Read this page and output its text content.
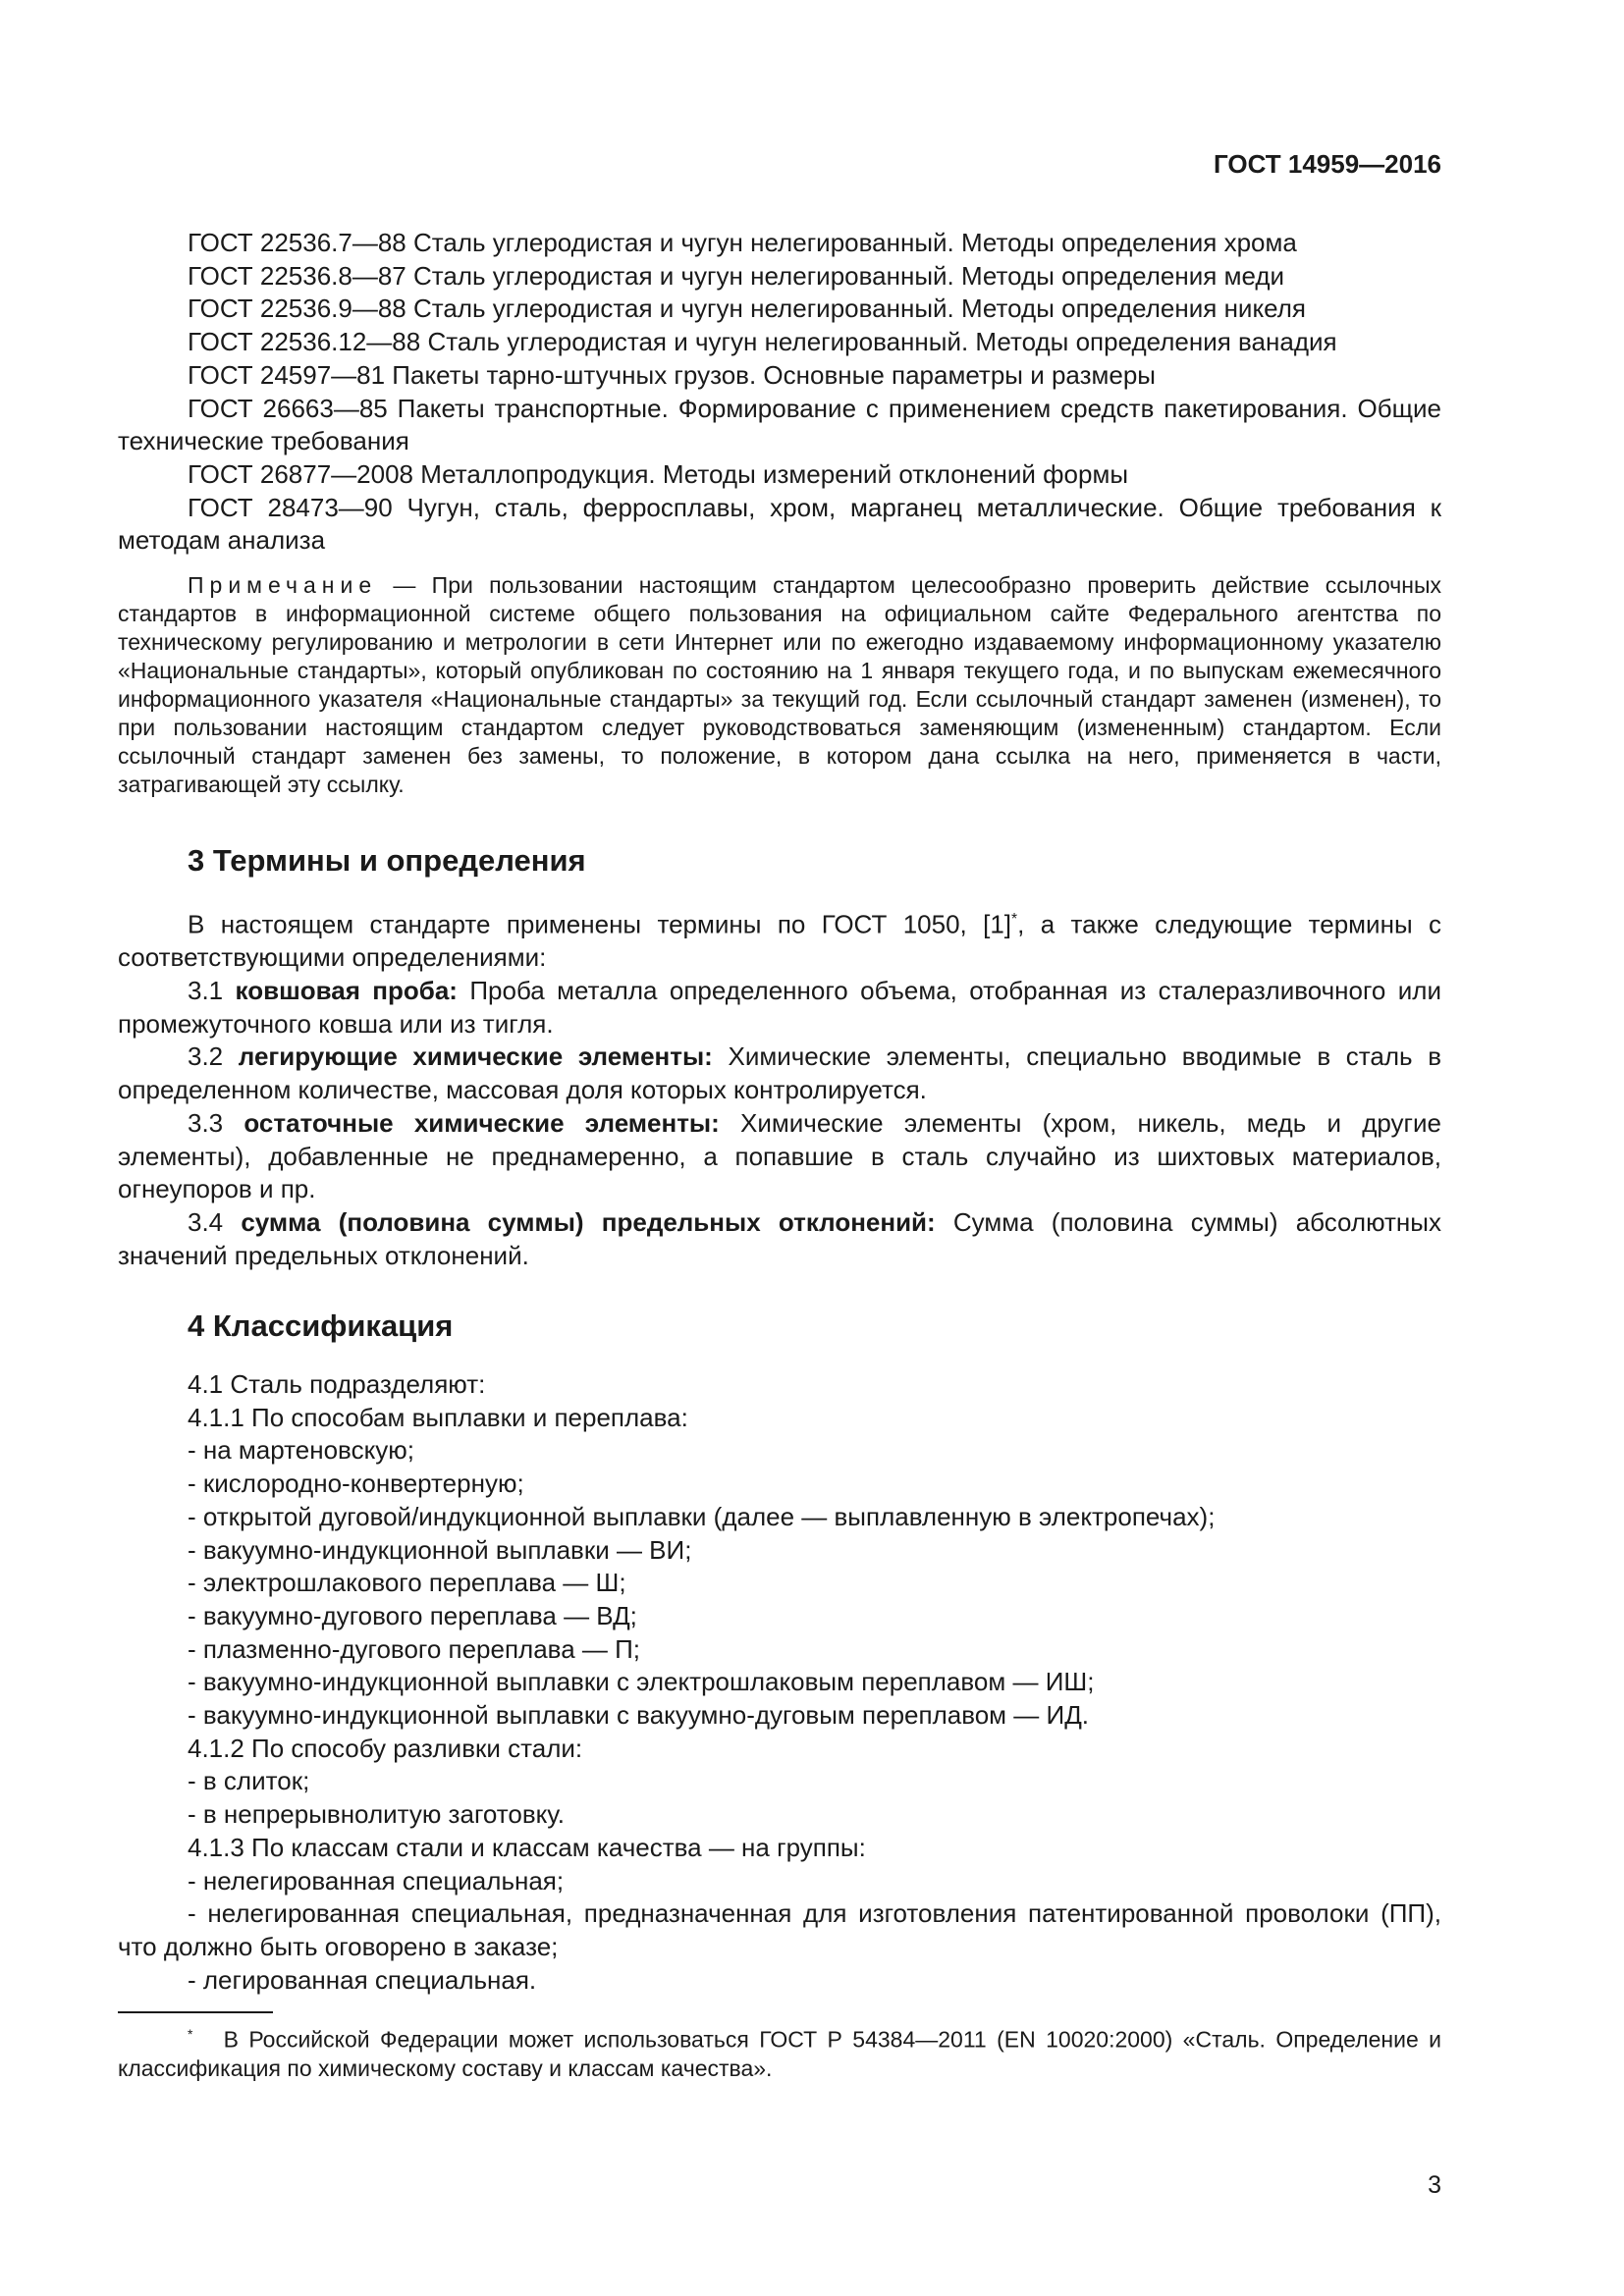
ГОСТ 14959—2016

ГОСТ 22536.7—88 Сталь углеродистая и чугун нелегированный. Методы определения хрома

ГОСТ 22536.8—87 Сталь углеродистая и чугун нелегированный. Методы определения меди

ГОСТ 22536.9—88 Сталь углеродистая и чугун нелегированный. Методы определения никеля

ГОСТ 22536.12—88 Сталь углеродистая и чугун нелегированный. Методы определения ванадия

ГОСТ 24597—81 Пакеты тарно-штучных грузов. Основные параметры и размеры

ГОСТ 26663—85 Пакеты транспортные. Формирование с применением средств пакетирования. Общие технические требования

ГОСТ 26877—2008 Металлопродукция. Методы измерений отклонений формы

ГОСТ 28473—90 Чугун, сталь, ферросплавы, хром, марганец металлические. Общие требования к методам анализа

Примечание — При пользовании настоящим стандартом целесообразно проверить действие ссылочных стандартов в информационной системе общего пользования на официальном сайте Федерального агентства по техническому регулированию и метрологии в сети Интернет или по ежегодно издаваемому информационному указателю «Национальные стандарты», который опубликован по состоянию на 1 января текущего года, и по выпускам ежемесячного информационного указателя «Национальные стандарты» за текущий год. Если ссылочный стандарт заменен (изменен), то при пользовании настоящим стандартом следует руководствоваться заменяющим (измененным) стандартом. Если ссылочный стандарт заменен без замены, то положение, в котором дана ссылка на него, применяется в части, затрагивающей эту ссылку.

3 Термины и определения

В настоящем стандарте применены термины по ГОСТ 1050, [1]*, а также следующие термины с соответствующими определениями:

3.1 ковшовая проба: Проба металла определенного объема, отобранная из сталеразливочного или промежуточного ковша или из тигля.

3.2 легирующие химические элементы: Химические элементы, специально вводимые в сталь в определенном количестве, массовая доля которых контролируется.

3.3 остаточные химические элементы: Химические элементы (хром, никель, медь и другие элементы), добавленные не преднамеренно, а попавшие в сталь случайно из шихтовых материалов, огнеупоров и пр.

3.4 сумма (половина суммы) предельных отклонений: Сумма (половина суммы) абсолютных значений предельных отклонений.

4 Классификация

4.1 Сталь подразделяют:

4.1.1 По способам выплавки и переплава:

- на мартеновскую;

- кислородно-конвертерную;

- открытой дуговой/индукционной выплавки (далее — выплавленную в электропечах);

- вакуумно-индукционной выплавки — ВИ;

- электрошлакового переплава — Ш;

- вакуумно-дугового переплава — ВД;

- плазменно-дугового переплава — П;

- вакуумно-индукционной выплавки с электрошлаковым переплавом — ИШ;

- вакуумно-индукционной выплавки с вакуумно-дуговым переплавом — ИД.

4.1.2 По способу разливки стали:

- в слиток;

- в непрерывнолитую заготовку.

4.1.3 По классам стали и классам качества — на группы:

- нелегированная специальная;

- нелегированная специальная, предназначенная для изготовления патентированной проволоки (ПП), что должно быть оговорено в заказе;

- легированная специальная.

* В Российской Федерации может использоваться ГОСТ Р 54384—2011 (EN 10020:2000) «Сталь. Определение и классификация по химическому составу и классам качества».

3
